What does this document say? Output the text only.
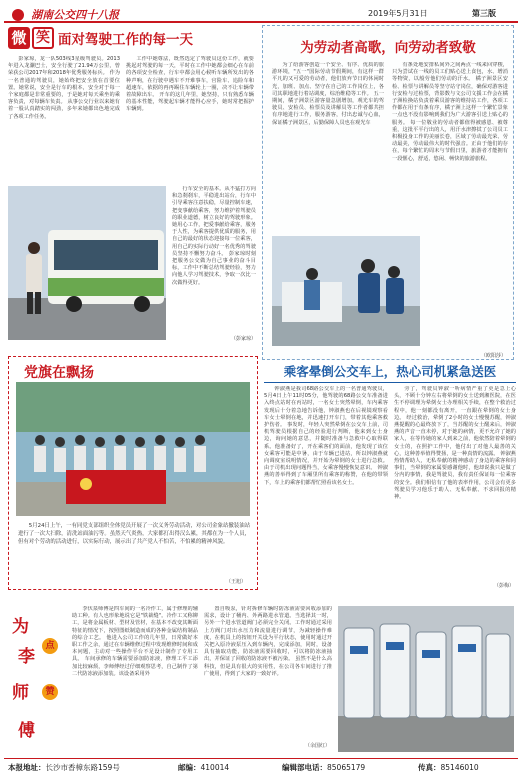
湖南公交四十八报	2019年5月31日	第三版
微 笑 面对驾驶工作的每一天

彭家琼，龙一队503线3星级驾驶员。2013年进入龙骧巴士，安全行驶了21.94万公里，曾荣获公司2017年和2018年优秀服务标兵。 作为一名普通的驾驶员，她始终把安全放在首要位置。她常说，安全是行车的根本，安全对于每一个家庭都是非常重要的，于是她对每天乘坐的乘客负责，对每辆车负责。 从事公交行业以来她有着一股认真踏实的闯劲，多年来她都出色地完成了各项工作任务。

工作中她尊法，既然选定了驾驶员这份工作，就要挑起对驾驶的每一天，平时在工作中她都会细心在车前的各项安全检查，行车中都会用心候听车辆所发出的各种声响，在行驶中遇车不开难事车，官险车、追险车和超速车，依据的再再踢住车辆轮上一圈，决不让车辆带着故障出车。 开车的这几年里，她坚持，只有熟悉车辆的基本性能，驾驶起车辆才能得心应手，她时常把握护车辆到。

行车安全的基本。从不猛打方向和急刹刹车，平稳进出站台，行车中引导乘客注意扶稳，尽量控制车速，把变事献给乘客，努力维护着驾驶员的职业道德，树立良好的驾驶形象。她用心工作，把爱事献给乘客，服务于人性，为乘客提供优质的服务，用自己的最好的状态迎接每一位乘客，用自己的实际行动好一名优秀的驾驶员坚持不懈努力奋斗。 彭家琼时刻把服务公交做为自己事业的奋斗目标，工作中不断总结驾驶经验，努力向他人学习驾驶技术，争取一次比一次做得更好。

（彭家琼）
为劳动者高歌，向劳动者致敬

为了给游客创造一个安全、有序、优质的旅游环境，"五一"国际劳动节假期间，有这样一群平凡的又可爱的劳动者，他们放弃节日的休闲时光，加班、加点、坚守在自己的工作岗位上，各司其职地进行着站调度，综治维稳等工作。 五一期间，橘子洲景区游客量急剧增加，观光车的驾驶员、安检员、检票员及讲解员等工作者都共担有序地进行工作，服务游客，付出忠诚与心血，保证橘子洲景区，后勤保障人员也在观光车

有条处地安排私间外之间两点一线来回穿梭，只为尝试在一线的员工们贴心送上食包，水、增消等物资，以般劳他们劳动的汗水。 橘子洲景区安检、检票与讲解员等坚守站守岗位，确保对游客进行安检与过检票，背影数与文公司文援工作会在橘子洲检换站负责着乘员游客的维持站工作，各项工作都在用于有条有序，橘子洲上这样一个繁忙景象一点也不没有影响到我们为广大游客引送上贴心的服务。 每一位敬业的劳动者都值得被感恩、被尊重，这批平平行出的人，用汗水津擦拭了公司员工积极投身工作的美丽长卷，区域了劳动最光荣、劳动最美，劳动最伟大的时代强音。正由于他们的存在，每个繁忙的周末与节假日里，旅游者才能拥有一段惬心，舒适，悠闲、畅快的旅游旅程。

（欧阳莎）
党旗在飘扬

5月24日上午，一有同党支部组织全体党员开展了一次义务劳动活动，对公司金象站撤装油站进行了一次大扫除，清洗站面油污等。虽然天气炎热，大家都打出得汉么累，其都在为一个人员，但有对个劳动的活动进行，以实际行动，展示出了共产党人不怕苦，不怕累的精神风貌。

（王旭）
乘客晕倒公交车上，热心司机紧急送医

钟淑燕是我司68路公交车上的一名普通驾驶员，5月4日上午11时05分，他驾驶的68路公交车准备进入终点站时在丙站时，一名女士突然晕倒，车内乘客发现后十分着急地告诉他，钟淑燕也在后视镜观察看车女士晕倒在地，并迅速打开车门，带着其他乘客救护伤者。 事发时，年轻人突然晕倒在公交车上前，司机驾驶员根据自己的经验进行判断，他来到女士身边，询问她的意思，并随时准备与急救中心取得联系。他准备好了，开在乘客们的面前，他发现了该位女乘客可能是中暑，由于车辆已进站，所以钟淑燕就向调度室说明情况，并开始为晕倒的女士进行急救。由于司机出现问题得当，女乘客慢慢恢复意识。 钟淑燕的善举得到了车厢里所有乘客的称赞，在他的带领下，车上的乘客们都帮忙照看该名女士。

旁了，驾驶员钟淑一听病情严重了更是急上心头，不顾十分钟左右将晕倒的女士送到湘医院，在医生不停调理为晕倒女士办理相关手续，在整个救治过程中，他一刻都没有离开，一直跟在晕倒的女士身边。 经过救治，晕倒了2小时的女士慢慢苏醒，钟淑燕提醒的心最终放下了，当苏醒的女士醒来后，钟淑燕的声音一直未停，对于她的病情，更不允许了她的家人，在等待她的家人到来之前，他依然陪着晕倒的女士的，在照护工作中，他付出了对他人最善的关心，这种善举值得赞扬，是一种真情的流露。 钟淑燕热情帮助人，无私奉献的精神感动了身边的乘客和同事们，当晕倒的家属要感谢他时，他却说我只是做了分内的事情，我是驾驶员，我有责任保证每一位乘客的安全。我们相信有了他的表率作用，公司会有更多驾驶员学习他乐于助人、无私奉献、不求回报的精神。

（彭梅）
为
李
点
师	赞
傅

李伏泉师傅是四车间的一名冷作工，属于修理的辅助工种。有人也形象地说它是"铁裁缝"。冷作工又称铆工，是将金属板材、型材及管材，在基本不改变其断面特征的情况下，按照图纸制造而成的各种金属结构制品的综合工艺。 他进入公司工作的几年里，日常做好本职工作之余，通过在车辆维修过程中发现维修时间和成本问题，主动对一些操作平台不足设计制作了专用工具。 车间承修的车辆需要添加防冻液，修理工平工添加比较麻烦，李师傅经过仔细观察思考，自己制作了第二代防冻液添加装。该设备采用外

置自吸泵，针对拆修车辆时防冻液需要回收添加的需求，设计了桶内、外两路进水管道。当选择其一时，另外一个进水管道阀门必须完全关闭。工作时通过采用上方阀门对出水压力和流量进行调节，为减轻操作难度，在机具上的按钮开关设为平行状态，使用时通过开关把入原冷液泵压入到车辆内，完成添加，同时，设备具有抽取功能，防冻液需要回收时，可以将防冻液抽出，并保证了回收的防冻液不被污染。 虽然不是什么高科技，但是具有很大的实用性，在公司各车间进行了推广使用，得到了大家的一致好评。

（余国红）
本报地址：长沙市香樟东路159号	邮编：410014	编辑部电话：85065179	传真：85146010
